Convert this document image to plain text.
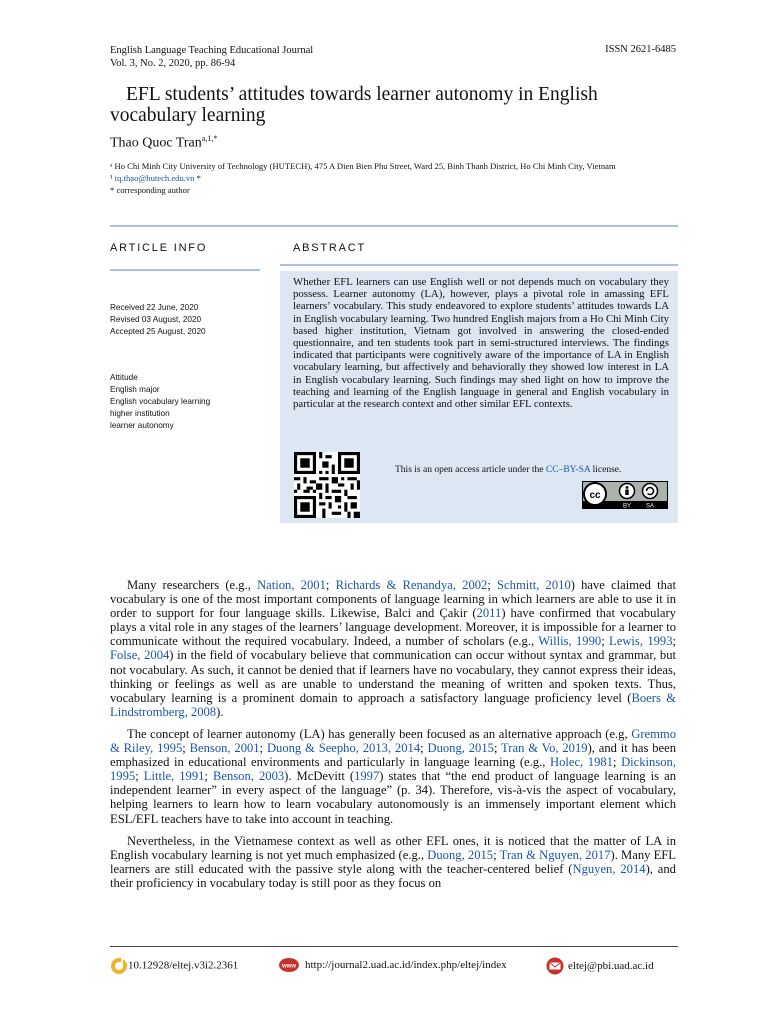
English Language Teaching Educational Journal
Vol. 3, No. 2, 2020, pp. 86-94
ISSN 2621-6485
EFL students’ attitudes towards learner autonomy in English
vocabulary learning
Thao Quoc Tran$^{a,1,*}$
ᵃ Ho Chi Minh City University of Technology (HUTECH), 475 A Dien Bien Phu Street, Ward 25, Binh Thanh District, Ho Chi Minh City, Vietnam
¹ tq.thao@hutech.edu.vn *
* corresponding author
ARTICLE INFO	ABSTRACT
Received 22 June, 2020
Revised 03 August, 2020
Accepted 25 August, 2020
Attitude
English major
English vocabulary learning
higher institution
learner autonomy
Whether EFL learners can use English well or not depends much on vocabulary they possess. Learner autonomy (LA), however, plays a pivotal role in amassing EFL learners’ vocabulary. This study endeavored to explore students’ attitudes towards LA in English vocabulary learning. Two hundred English majors from a Ho Chi Minh City based higher institution, Vietnam got involved in answering the closed-ended questionnaire, and ten students took part in semi-structured interviews. The findings indicated that participants were cognitively aware of the importance of LA in English vocabulary learning, but affectively and behaviorally they showed low interest in LA in English vocabulary learning. Such findings may shed light on how to improve the teaching and learning of the English language in general and English vocabulary in particular at the research context and other similar EFL contexts.
This is an open access article under the CC–BY-SA license.
cc
BY SA

Many researchers (e.g., Nation, 2001; Richards & Renandya, 2002; Schmitt, 2010) have claimed that vocabulary is one of the most important components of language learning in which learners are able to use it in order to support for four language skills. Likewise, Balci and Çakir (2011) have confirmed that vocabulary plays a vital role in any stages of the learners’ language development. Moreover, it is impossible for a learner to communicate without the required vocabulary. Indeed, a number of scholars (e.g., Willis, 1990; Lewis, 1993; Folse, 2004) in the field of vocabulary believe that communication can occur without syntax and grammar, but not vocabulary. As such, it cannot be denied that if learners have no vocabulary, they cannot express their ideas, thinking or feelings as well as are unable to understand the meaning of written and spoken texts. Thus, vocabulary learning is a prominent domain to approach a satisfactory language proficiency level (Boers & Lindstromberg, 2008).

The concept of learner autonomy (LA) has generally been focused as an alternative approach (e.g, Gremmo & Riley, 1995; Benson, 2001; Duong & Seepho, 2013, 2014; Duong, 2015; Tran & Vo, 2019), and it has been emphasized in educational environments and particularly in language learning (e.g., Holec, 1981; Dickinson, 1995; Little, 1991; Benson, 2003). McDevitt (1997) states that “the end product of language learning is an independent learner” in every aspect of the language” (p. 34). Therefore, vis-à-vis the aspect of vocabulary, helping learners to learn how to learn vocabulary autonomously is an immensely important element which ESL/EFL teachers have to take into account in teaching.

Nevertheless, in the Vietnamese context as well as other EFL ones, it is noticed that the matter of LA in English vocabulary learning is not yet much emphasized (e.g., Duong, 2015; Tran & Nguyen, 2017). Many EFL learners are still educated with the passive style along with the teacher-centered belief (Nguyen, 2014), and their proficiency in vocabulary today is still poor as they focus on

10.12928/eltej.v3i2.2361	www http://journal2.uad.ac.id/index.php/eltej/index	eltej@pbi.uad.ac.id
